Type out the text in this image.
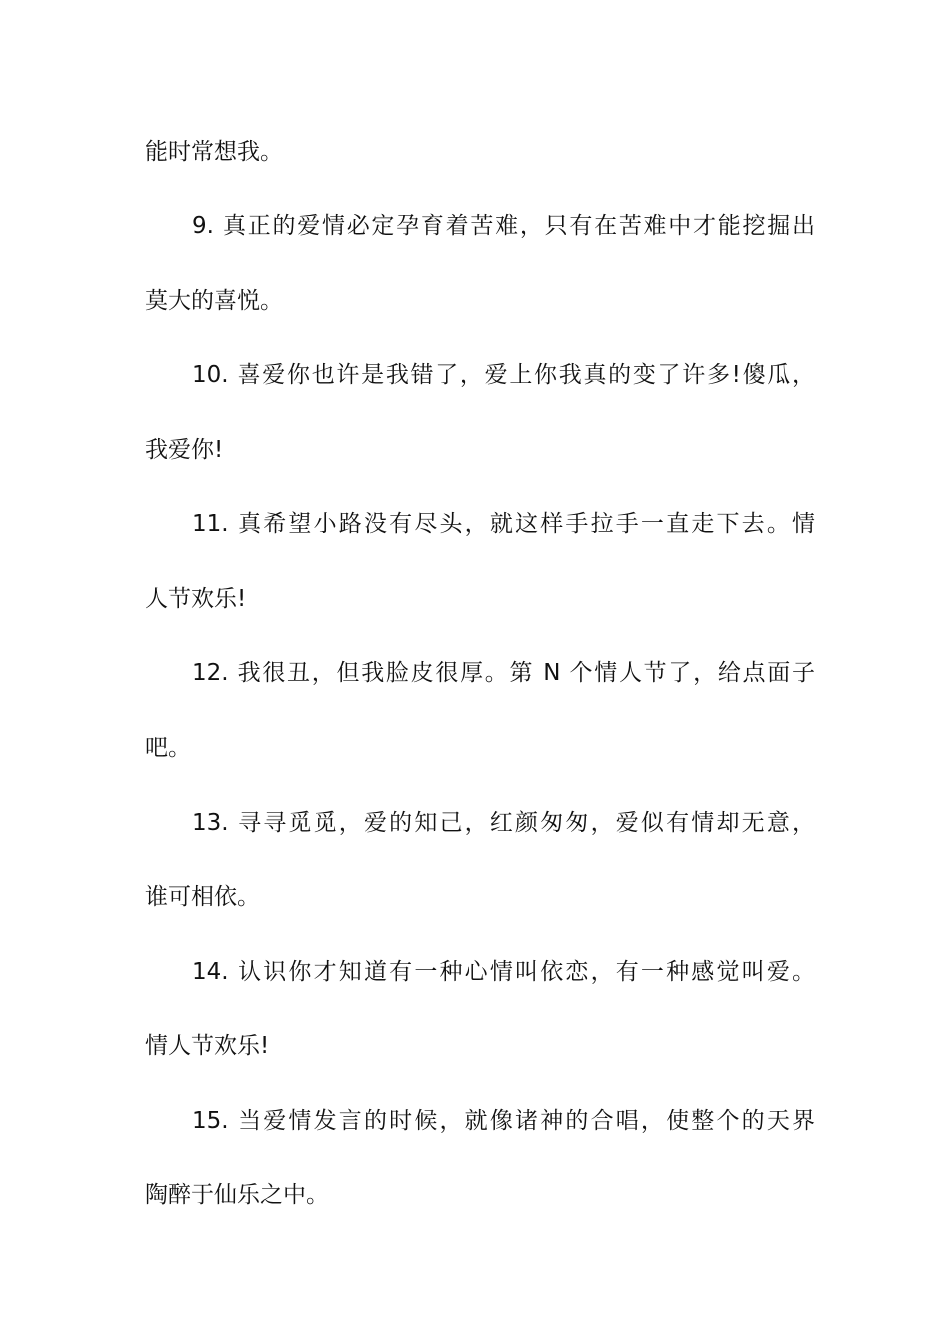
能时常想我。

9. 真正的爱情必定孕育着苦难，只有在苦难中才能挖掘出

莫大的喜悦。

10. 喜爱你也许是我错了，爱上你我真的变了许多!傻瓜，

我爱你!

11. 真希望小路没有尽头，就这样手拉手一直走下去。情

人节欢乐!

12. 我很丑，但我脸皮很厚。第 N 个情人节了，给点面子

吧。

13. 寻寻觅觅，爱的知己，红颜匆匆，爱似有情却无意，

谁可相依。

14. 认识你才知道有一种心情叫依恋，有一种感觉叫爱。

情人节欢乐!

15. 当爱情发言的时候，就像诸神的合唱，使整个的天界

陶醉于仙乐之中。
